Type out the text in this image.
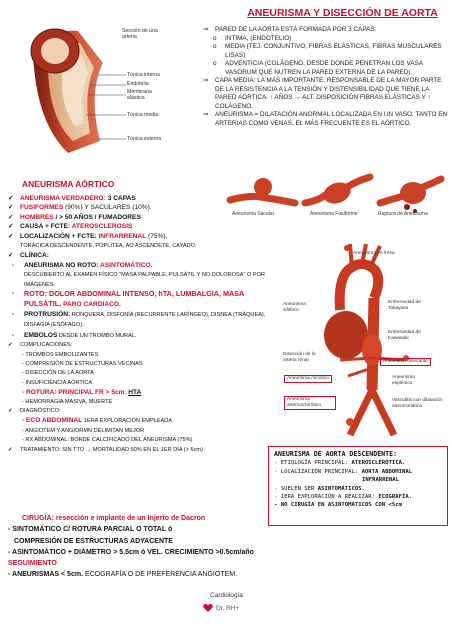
ANEURISMA Y DISECCIÓN DE AORTA
Sección de una arteria
Túnica interna
Endotelia
Membrana elástica
Túnica media
Túnica externa
⇒	PARED DE LA AORTA ESTÁ FORMADA POR 3 CAPAS:
o	INTIMA, (ENDOTELIO)
o	MEDIA (TEJ. CONJUNTIVO, FIBRAS ELÁSTICAS, FIBRAS MUSCULARES LISAS)
o	ADVENTICIA (COLÁGENO, DESDE DONDE PENETRAN LOS VASA VASORUM QUE NUTREN LA PARED EXTERNA DE LA PARED).
⇒	CAPA MEDIA: LA MÁS IMPORTANTE. RESPONSABLE DE LA MAYOR PARTE DE LA RESISTENCIA A LA TENSIÓN Y DISTENSIBILIDAD QUE TIENE LA PARED AÓRTICA. ↑ AÑOS → ALT. DISPOSICIÓN FIBRAS ELÁSTICAS Y ↑ COLÁGENO.
⇒	ANEURISMA = DILATACIÓN ANORMAL LOCALIZADA EN UN VASO. TANTO EN ARTERIAS COMO VENAS, EL MÁS FRECUENTE ES EL AÓRTICO.
Aneurisma Sacular	Aneurisma Fusiforme	Ruptura de Aneurisma
ANEURISMA AÓRTICO
✓ ANEURISMA VERDADERO: 3 CAPAS
✓ FUSIFORMES (90%) Y SACULARES (10%).
✓ HOMBRES / > 50 AÑOS / FUMADORES
✓ CAUSA + FCTE: ATEROSCLEROSIS
✓ LOCALIZACIÓN + FCTE: INFRARRENAL (75%),
TORÁCICA DESCENDENTE, POPLÍTEA, AO ASCENDETE, CAYADO.
✓ CLÍNICA:
-	ANEURISMA NO ROTO: ASINTOMÁTICO.
DESCUBIERTO AL EXAMEN FÍSICO "MASA PALPABLE, PULSÁTIL Y NO DOLOROSA" O POR IMÁGENES.
-	ROTO: DOLOR ABDOMINAL INTENSO, hTA, LUMBALGIA, MASA PULSÁTIL, PARO CARDIACO.
-	PROTRUSIÓN: RONQUERA, DISFONÍA (RECURRENTE LARÍNGEO), DISNEA (TRÁQUEA), DISFAGIA (ESÓFAGO).
-	EMBOLOS DESDE UN TROMBO MURAL.
✓	COMPLICACIONES:
- TROMBOS EMBOLIZANTES
- COMPRESIÓN DE ESTRUCTURAS VECINAS
- DISECCIÓN DE LA AORTA
- INSUFICIENCIA AÓRTICA
- ROTURA: PRINCIPAL FR > 5cm. HTA
- HEMORRAGIA MASIVA, MUERTE
✓	DIAGNÓSTICO:
- ECO ABDOMINAL 1ERA EXPLORACIÓN EMPLEADA
- ANGIOTEM Y ANGIORMN DELIMITAN MEJOR
- RX ABDOMINAL: BORDE CALCIFICADO DEL ANEURISMA (75%)
✓	TRATAMIENTO: SIN TTO → MORTALIDAD 50% EN EL 1ER DÍA (> 6cm)
Aneurisma en fresa
Aneurisma sifilítico
Enfermedad de Takayasu
Enfermedad de Kawasaki
Aneurisma disecante
Disección de la arteria renal
Aneurisma micótico	Aneurisma esplénico
Aneurisma arteriosclerótico
Vasculitis con dilatación aneurismática
ANEURISMA DE AORTA DESCENDENTE:
- ETIOLOGÍA PRINCIPAL: ATEROSCLERÓTICA.
- LOCALIZACIÓN PRINCIPAL: AORTA ABDOMINAL
INFRARRENAL
- SUELEN SER ASINTOMÁTICOS.
- 1ERA EXPLORACIÓN A REALIZAR: ECOGRAFÍA.
- NO CIRUGÍA EN ASINTOMÁTICOS CON <5cm
CIRUGÍA: resección e implante de un Injerto de Dacron
- SINTOMÁTICO C/ ROTURA PARCIAL O TOTAL ó
COMPRESIÓN DE ESTRUCTURAS ADYACENTE
- ASINTOMÁTICO + DIÁMETRO > 5.5cm ó VEL. CRECIMIENTO >0.5cm/año
SEGUIMIENTO
- ANEURISMAS < 5cm. ECOGRAFÍA O DE PREFERENCIA ANGIOTEM.
Cardiología
Dr. RH+
